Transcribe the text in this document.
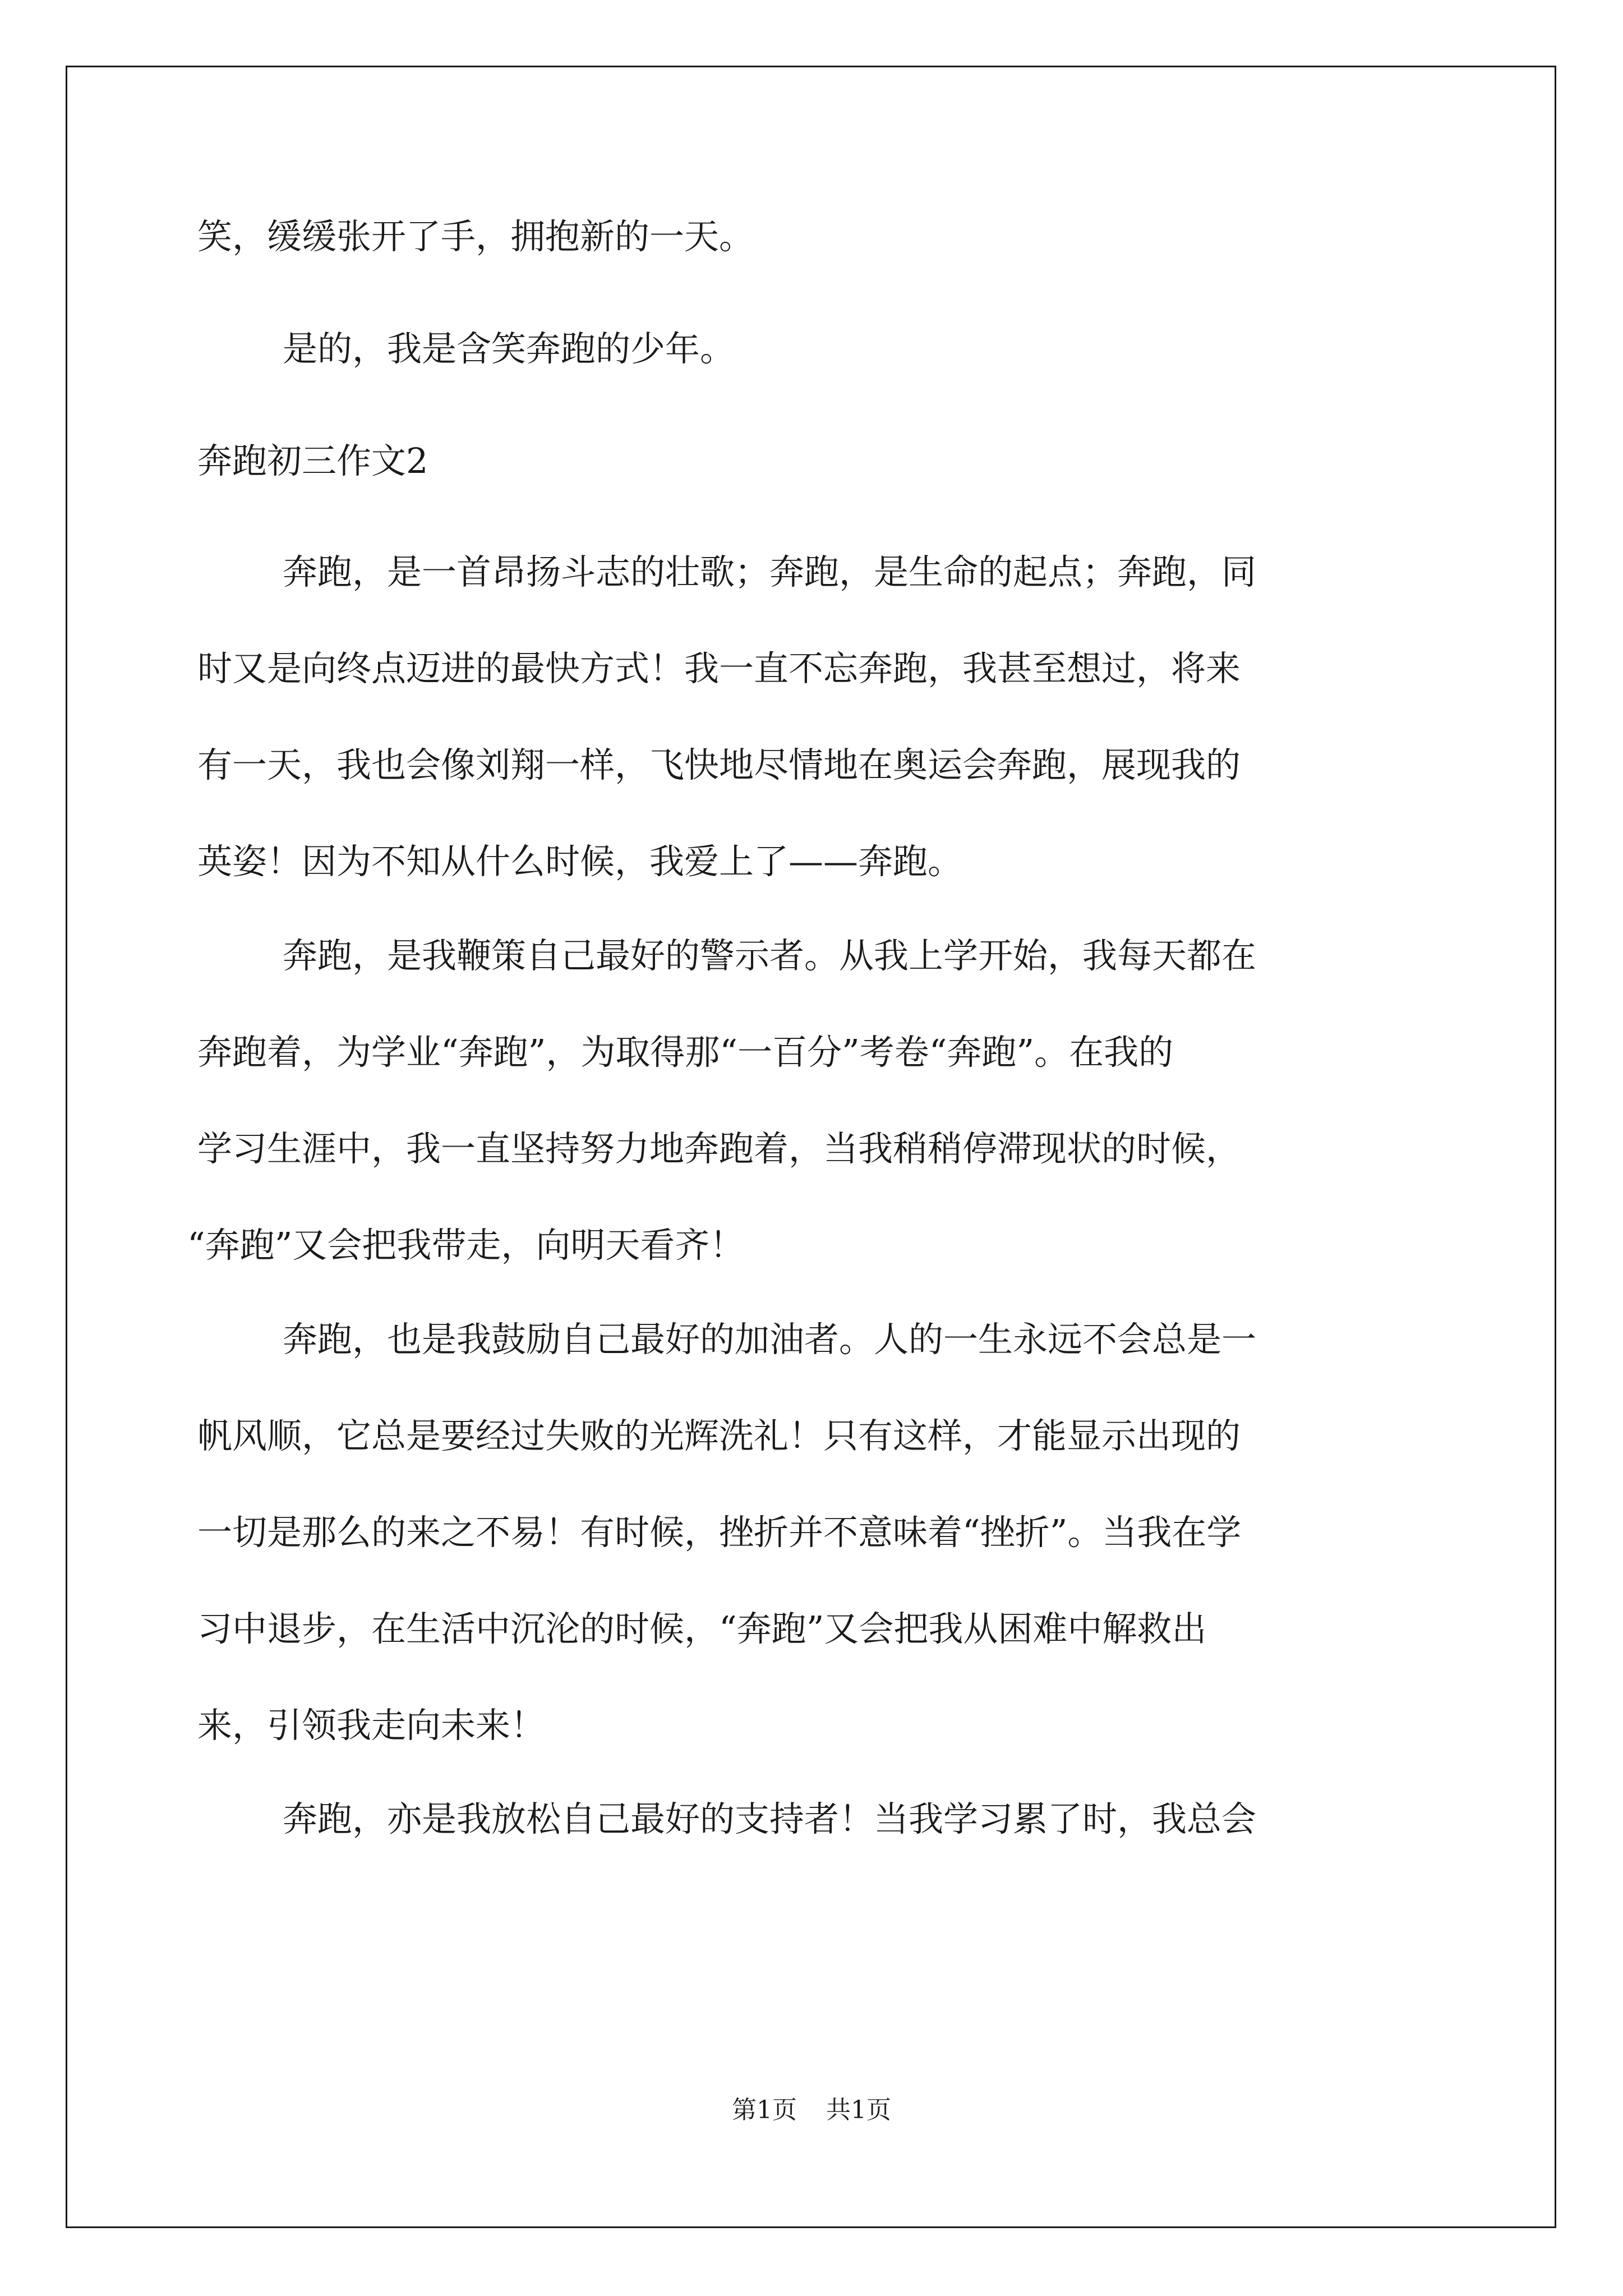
笑，缓缓张开了手，拥抱新的一天。
是的，我是含笑奔跑的少年。
奔跑初三作文2
奔跑，是一首昂扬斗志的壮歌；奔跑，是生命的起点；奔跑，同
时又是向终点迈进的最快方式！我一直不忘奔跑，我甚至想过，将来
有一天，我也会像刘翔一样，飞快地尽情地在奥运会奔跑，展现我的
英姿！因为不知从什么时候，我爱上了——奔跑。
奔跑，是我鞭策自己最好的警示者。从我上学开始，我每天都在
奔跑着，为学业“奔跑”，为取得那“一百分”考卷“奔跑”。在我的
学习生涯中，我一直坚持努力地奔跑着，当我稍稍停滞现状的时候，
“奔跑”又会把我带走，向明天看齐！
奔跑，也是我鼓励自己最好的加油者。人的一生永远不会总是一
帆风顺，它总是要经过失败的光辉洗礼！只有这样，才能显示出现的
一切是那么的来之不易！有时候，挫折并不意味着“挫折”。当我在学
习中退步，在生活中沉沦的时候，“奔跑”又会把我从困难中解救出
来，引领我走向未来！
奔跑，亦是我放松自己最好的支持者！当我学习累了时，我总会
第1页 共1页
